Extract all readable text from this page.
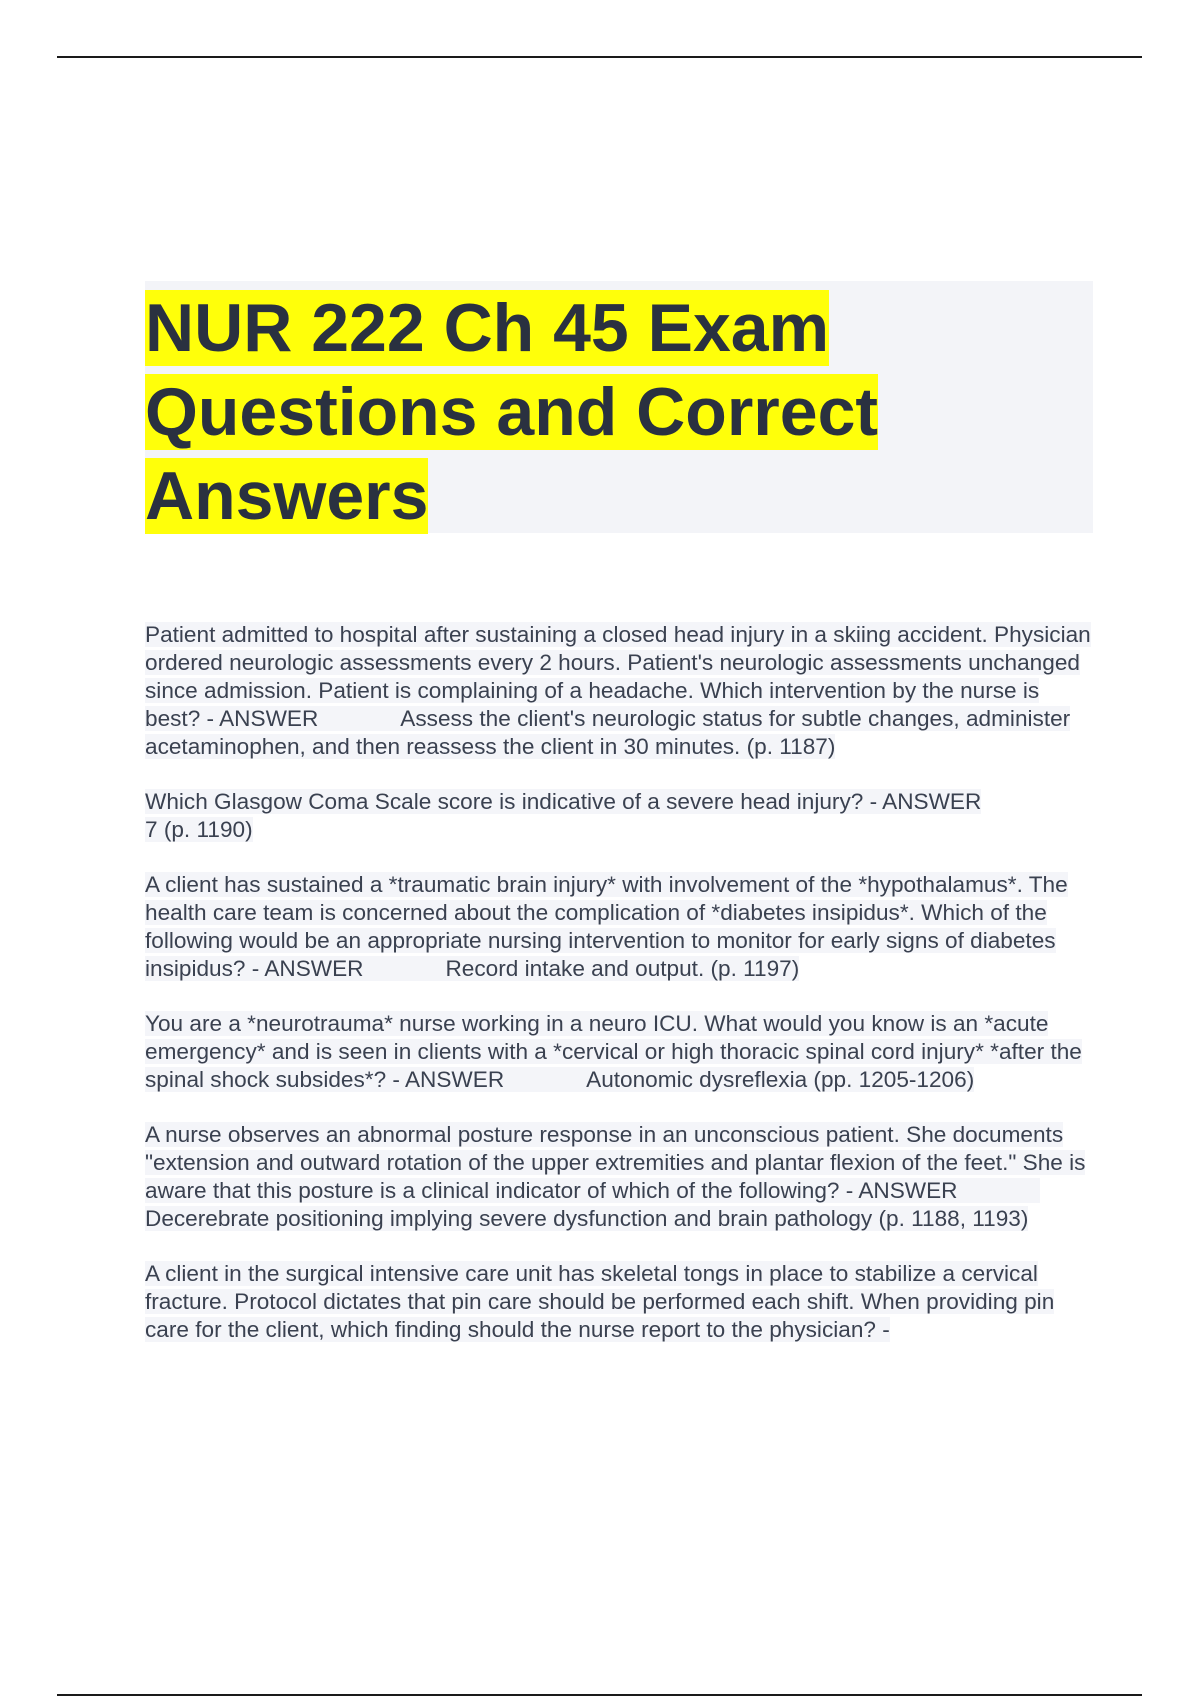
NUR 222 Ch 45 Exam Questions and Correct Answers

Patient admitted to hospital after sustaining a closed head injury in a skiing accident. Physician ordered neurologic assessments every 2 hours. Patient's neurologic assessments unchanged since admission. Patient is complaining of a headache. Which intervention by the nurse is best? - ANSWER	Assess the client's neurologic status for subtle changes, administer acetaminophen, and then reassess the client in 30 minutes. (p. 1187)

Which Glasgow Coma Scale score is indicative of a severe head injury? - ANSWER
7 (p. 1190)

A client has sustained a *traumatic brain injury* with involvement of the *hypothalamus*. The health care team is concerned about the complication of *diabetes insipidus*. Which of the following would be an appropriate nursing intervention to monitor for early signs of diabetes insipidus? - ANSWER	Record intake and output. (p. 1197)

You are a *neurotrauma* nurse working in a neuro ICU. What would you know is an *acute emergency* and is seen in clients with a *cervical or high thoracic spinal cord injury* *after the spinal shock subsides*? - ANSWER	Autonomic dysreflexia (pp. 1205-1206)

A nurse observes an abnormal posture response in an unconscious patient. She documents "extension and outward rotation of the upper extremities and plantar flexion of the feet." She is aware that this posture is a clinical indicator of which of the following? - ANSWERDecerebrate positioning implying severe dysfunction and brain pathology (p. 1188, 1193)

A client in the surgical intensive care unit has skeletal tongs in place to stabilize a cervical fracture. Protocol dictates that pin care should be performed each shift. When providing pin care for the client, which finding should the nurse report to the physician? -
